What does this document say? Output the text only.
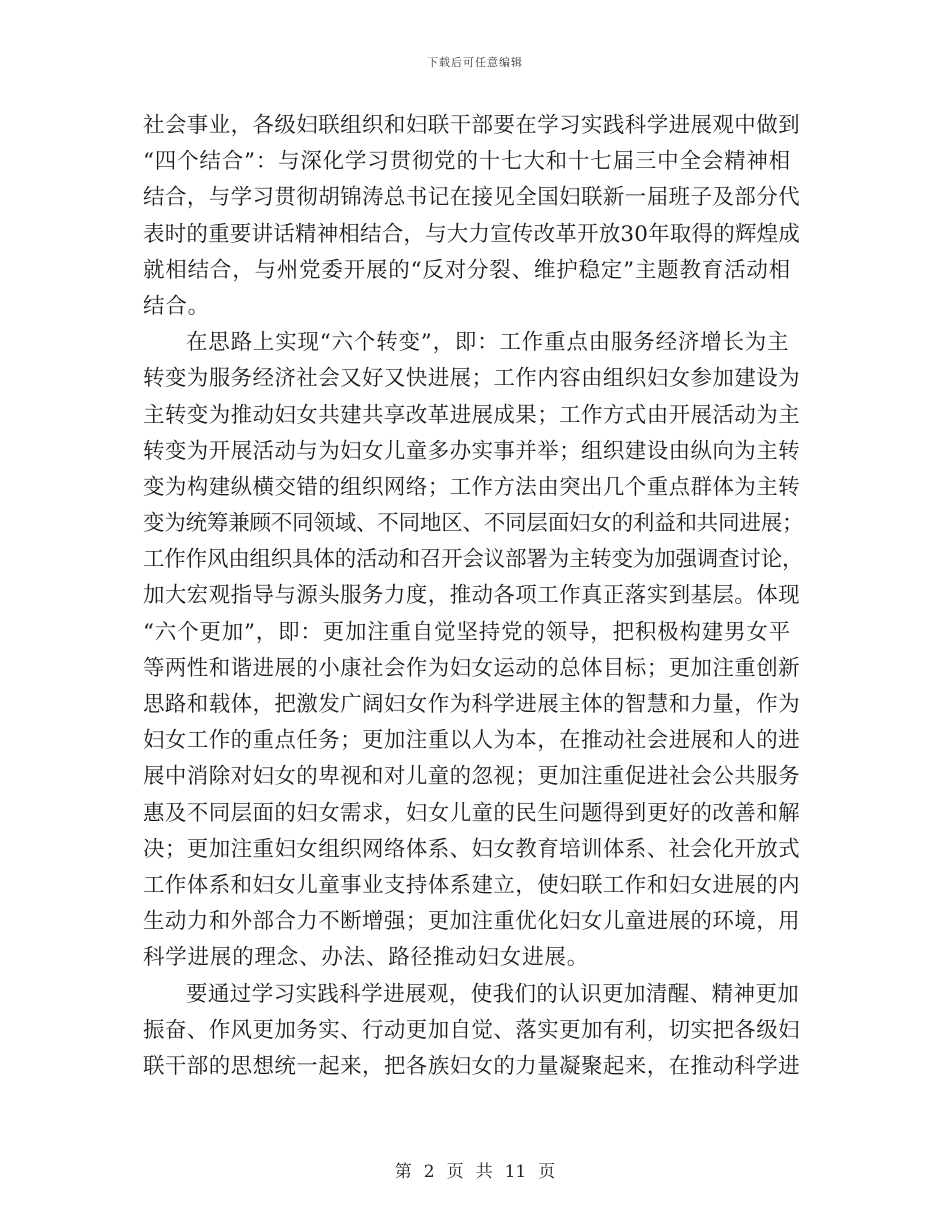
下载后可任意编辑
社会事业，各级妇联组织和妇联干部要在学习实践科学进展观中做到
“四个结合”：与深化学习贯彻党的十七大和十七届三中全会精神相
结合，与学习贯彻胡锦涛总书记在接见全国妇联新一届班子及部分代
表时的重要讲话精神相结合，与大力宣传改革开放30年取得的辉煌成
就相结合，与州党委开展的“反对分裂、维护稳定”主题教育活动相
结合。
在思路上实现“六个转变”，即：工作重点由服务经济增长为主
转变为服务经济社会又好又快进展；工作内容由组织妇女参加建设为
主转变为推动妇女共建共享改革进展成果；工作方式由开展活动为主
转变为开展活动与为妇女儿童多办实事并举；组织建设由纵向为主转
变为构建纵横交错的组织网络；工作方法由突出几个重点群体为主转
变为统筹兼顾不同领域、不同地区、不同层面妇女的利益和共同进展；
工作作风由组织具体的活动和召开会议部署为主转变为加强调查讨论，
加大宏观指导与源头服务力度，推动各项工作真正落实到基层。体现
“六个更加”，即：更加注重自觉坚持党的领导，把积极构建男女平
等两性和谐进展的小康社会作为妇女运动的总体目标；更加注重创新
思路和载体，把激发广阔妇女作为科学进展主体的智慧和力量，作为
妇女工作的重点任务；更加注重以人为本，在推动社会进展和人的进
展中消除对妇女的卑视和对儿童的忽视；更加注重促进社会公共服务
惠及不同层面的妇女需求，妇女儿童的民生问题得到更好的改善和解
决；更加注重妇女组织网络体系、妇女教育培训体系、社会化开放式
工作体系和妇女儿童事业支持体系建立，使妇联工作和妇女进展的内
生动力和外部合力不断增强；更加注重优化妇女儿童进展的环境，用
科学进展的理念、办法、路径推动妇女进展。
要通过学习实践科学进展观，使我们的认识更加清醒、精神更加
振奋、作风更加务实、行动更加自觉、落实更加有利，切实把各级妇
联干部的思想统一起来，把各族妇女的力量凝聚起来，在推动科学进
第 2 页 共 11 页
